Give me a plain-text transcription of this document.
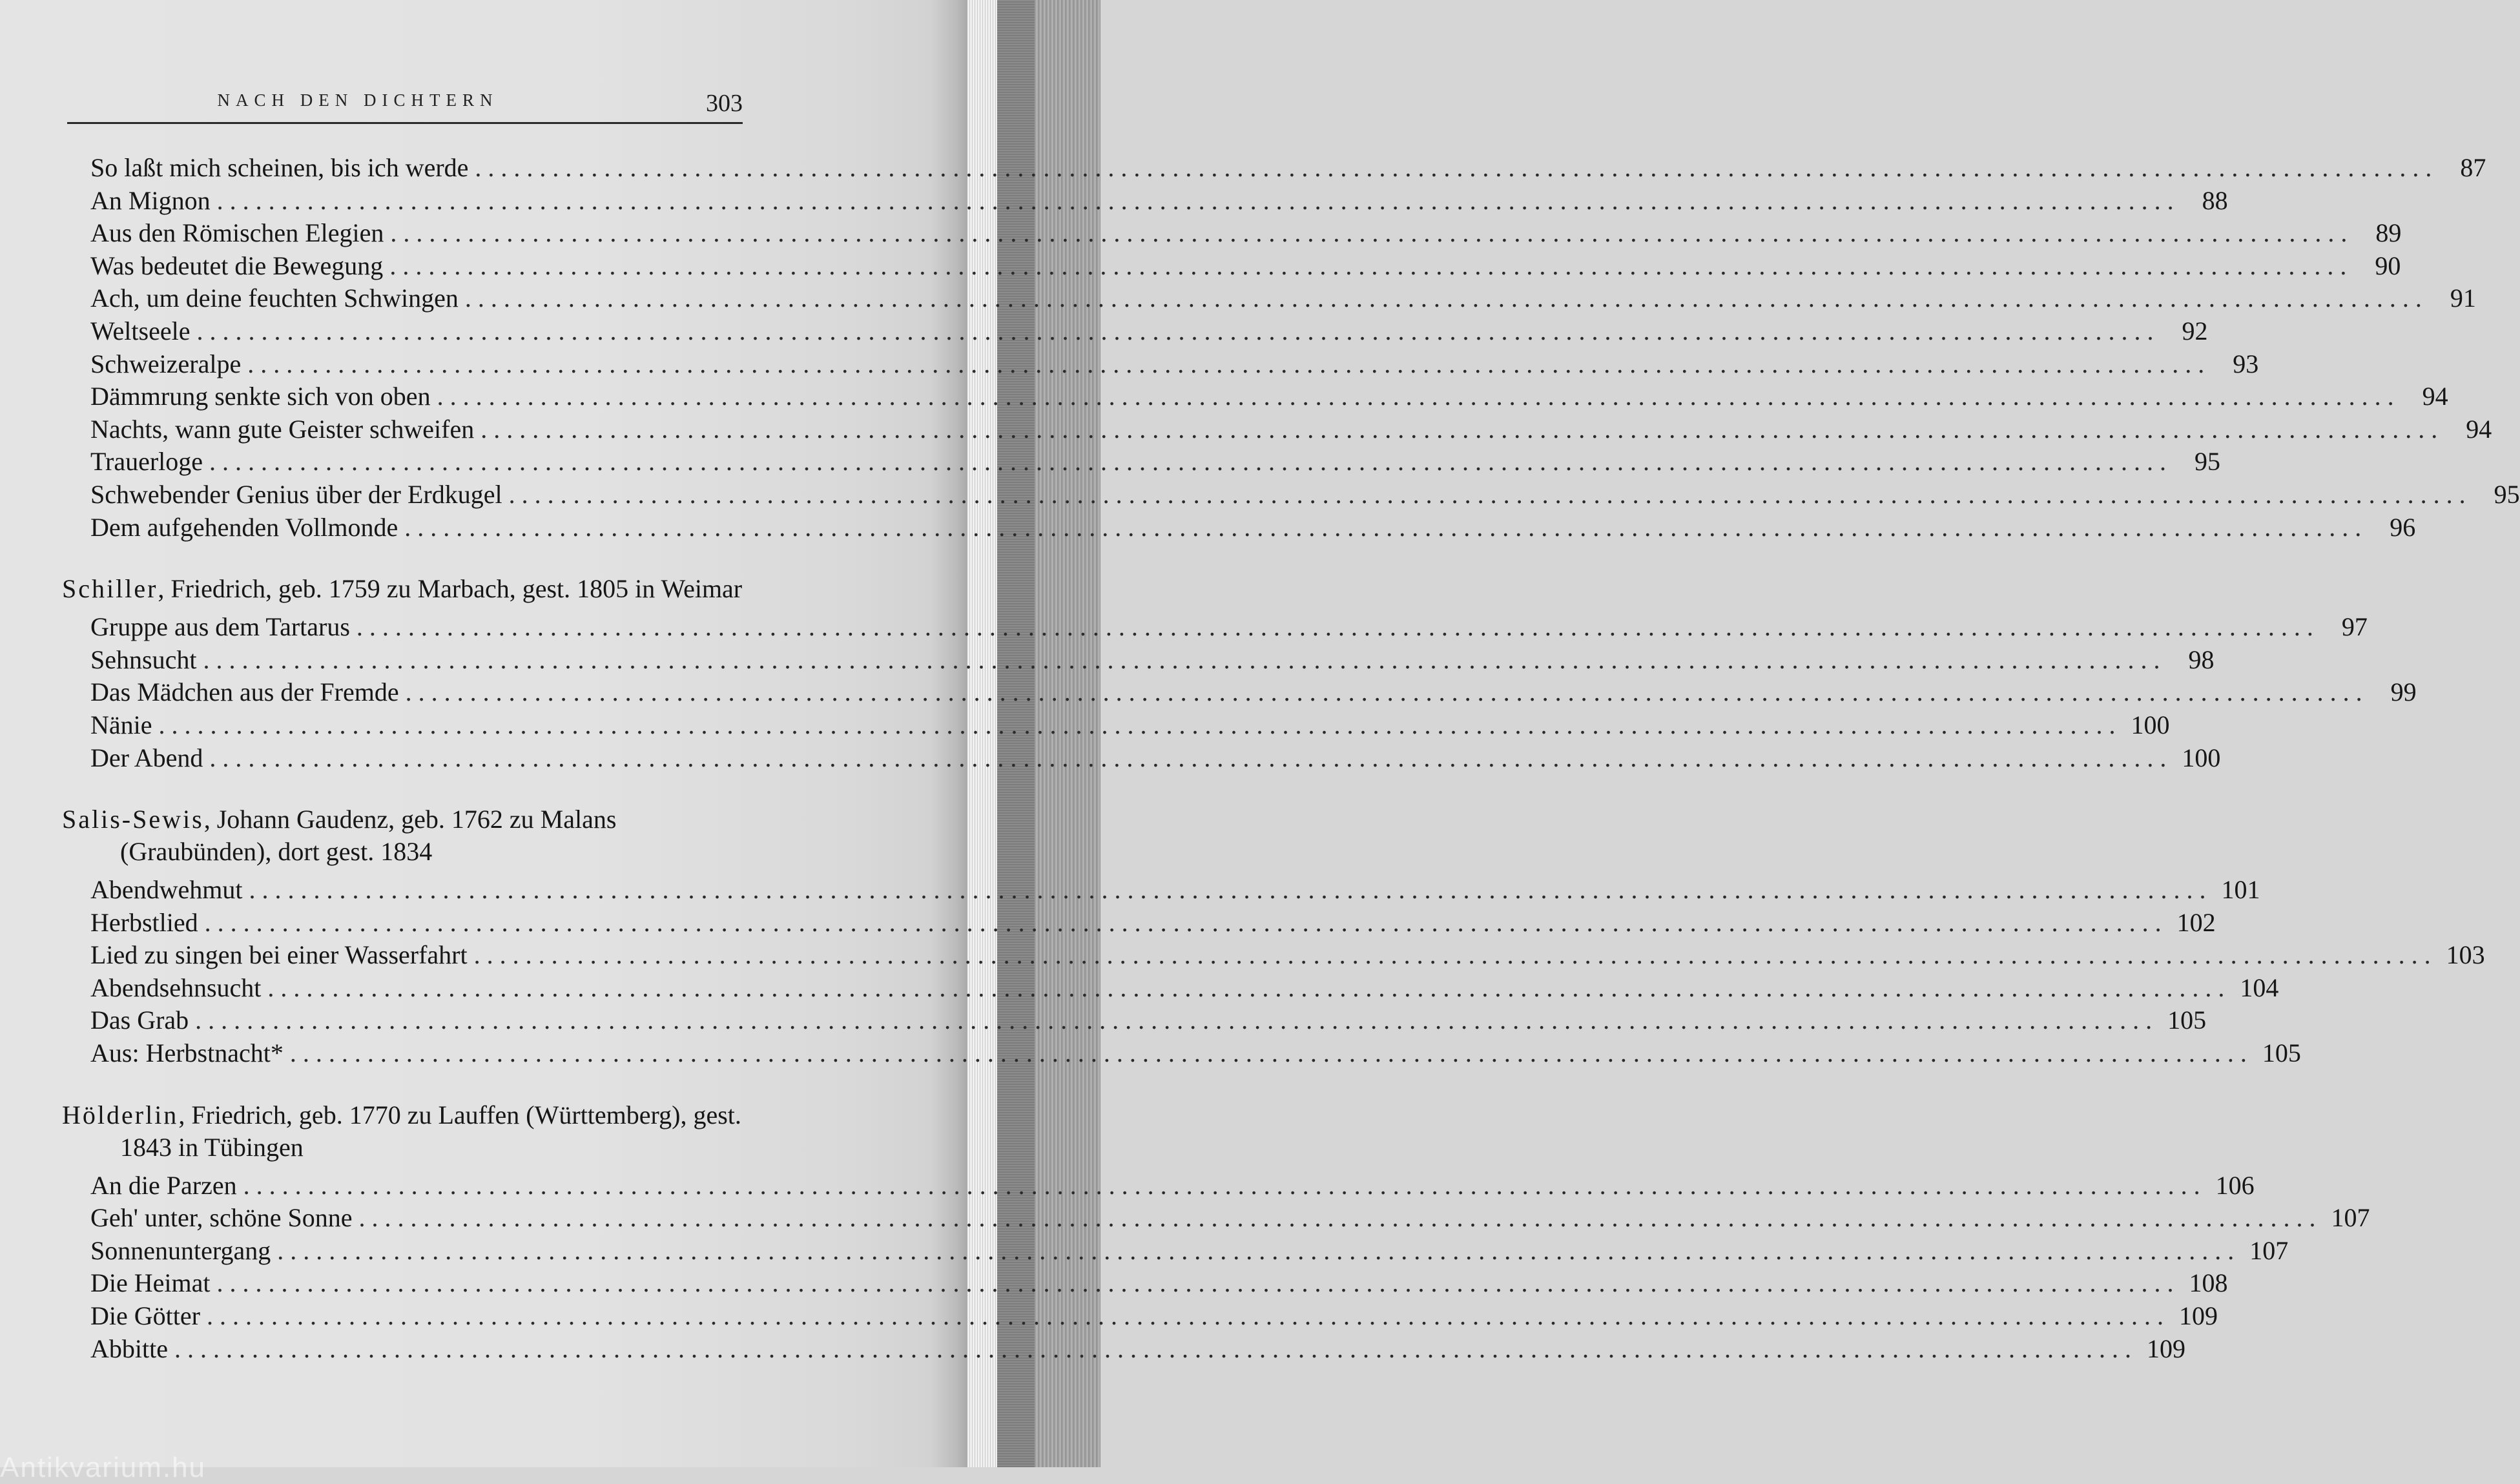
NACH DEN DICHTERN	303
So laßt mich scheinen, bis ich werde . . .	87
An Mignon . . .	88
Aus den Römischen Elegien . . .	89
Was bedeutet die Bewegung . . .	90
Ach, um deine feuchten Schwingen . . .	91
Weltseele . . .	92
Schweizeralpe . . .	93
Dämmrung senkte sich von oben . . .	94
Nachts, wann gute Geister schweifen . . .	94
Trauerloge . . .	95
Schwebender Genius über der Erdkugel . . .	95
Dem aufgehenden Vollmonde . . .	96
Schiller, Friedrich, geb. 1759 zu Marbach, gest. 1805 in Weimar
Gruppe aus dem Tartarus . . .	97
Sehnsucht . . .	98
Das Mädchen aus der Fremde . . .	99
Nänie . . .	100
Der Abend . . .	100
Salis-Sewis, Johann Gaudenz, geb. 1762 zu Malans (Graubünden), dort gest. 1834
Abendwehmut . . .	101
Herbstlied . . .	102
Lied zu singen bei einer Wasserfahrt . . .	103
Abendsehnsucht . . .	104
Das Grab . . .	105
Aus: Herbstnacht* . . .	105
Hölderlin, Friedrich, geb. 1770 zu Lauffen (Württemberg), gest. 1843 in Tübingen
An die Parzen . . .	106
Geh' unter, schöne Sonne . . .	107
Sonnenuntergang . . .	107
Die Heimat . . .	108
Die Götter . . .	109
Abbitte . . .	109
Antikvarium.hu
